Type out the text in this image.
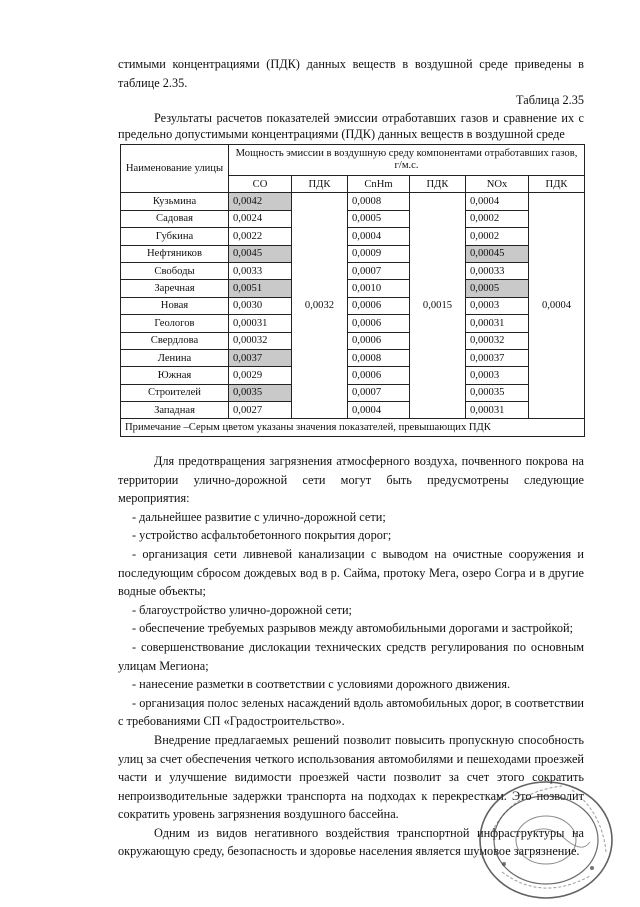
стимыми концентрациями (ПДК) данных веществ в воздушной среде приведены в таблице 2.35.

Таблица 2.35

Результаты расчетов показателей эмиссии отработавших газов и сравнение их с предельно допустимыми концентрациями (ПДК) данных веществ в воздушной среде

Наименование улицы	Мощность эмиссии в воздушную среду компонентами отработавших газов, г/м.с.					
	CO	ПДК	CnHm	ПДК	NOx	ПДК
Кузьмина	0,0042	0,0032	0,0008	0,0015	0,0004	0,0004
Садовая	0,0024		0,0005		0,0002	
Губкина	0,0022		0,0004		0,0002	
Нефтяников	0,0045		0,0009		0,00045	
Свободы	0,0033		0,0007		0,00033	
Заречная	0,0051		0,0010		0,0005	
Новая	0,0030		0,0006		0,0003	
Геологов	0,00031		0,0006		0,00031	
Свердлова	0,00032		0,0006		0,00032	
Ленина	0,0037		0,0008		0,00037	
Южная	0,0029		0,0006		0,0003	
Строителей	0,0035		0,0007		0,00035	
Западная	0,0027		0,0004		0,00031	
Примечание –Серым цветом указаны значения показателей, превышающих ПДК						

Для предотвращения загрязнения атмосферного воздуха, почвенного покрова на территории улично-дорожной сети могут быть предусмотрены следующие мероприятия:

- дальнейшее развитие с улично-дорожной сети;

- устройство асфальтобетонного покрытия дорог;

- организация сети ливневой канализации с выводом на очистные сооружения и последующим сбросом дождевых вод в р. Сайма, протоку Мега, озеро Согра и в другие водные объекты;

- благоустройство улично-дорожной сети;

- обеспечение требуемых разрывов между автомобильными дорогами и застройкой;

- совершенствование дислокации технических средств регулирования по основным улицам Мегиона;

- нанесение разметки в соответствии с условиями дорожного движения.

- организация полос зеленых насаждений вдоль автомобильных дорог, в соответствии с требованиями СП «Градостроительство».

Внедрение предлагаемых решений позволит повысить пропускную способность улиц за счет обеспечения четкого использования автомобилями и пешеходами проезжей части и улучшение видимости проезжей части позволит за счет этого сократить непроизводительные задержки транспорта на подходах к перекресткам. Это позволит сократить уровень загрязнения воздушного бассейна.

Одним из видов негативного воздействия транспортной инфраструктуры на окружающую среду, безопасность и здоровье населения является шумовое загрязнение.
